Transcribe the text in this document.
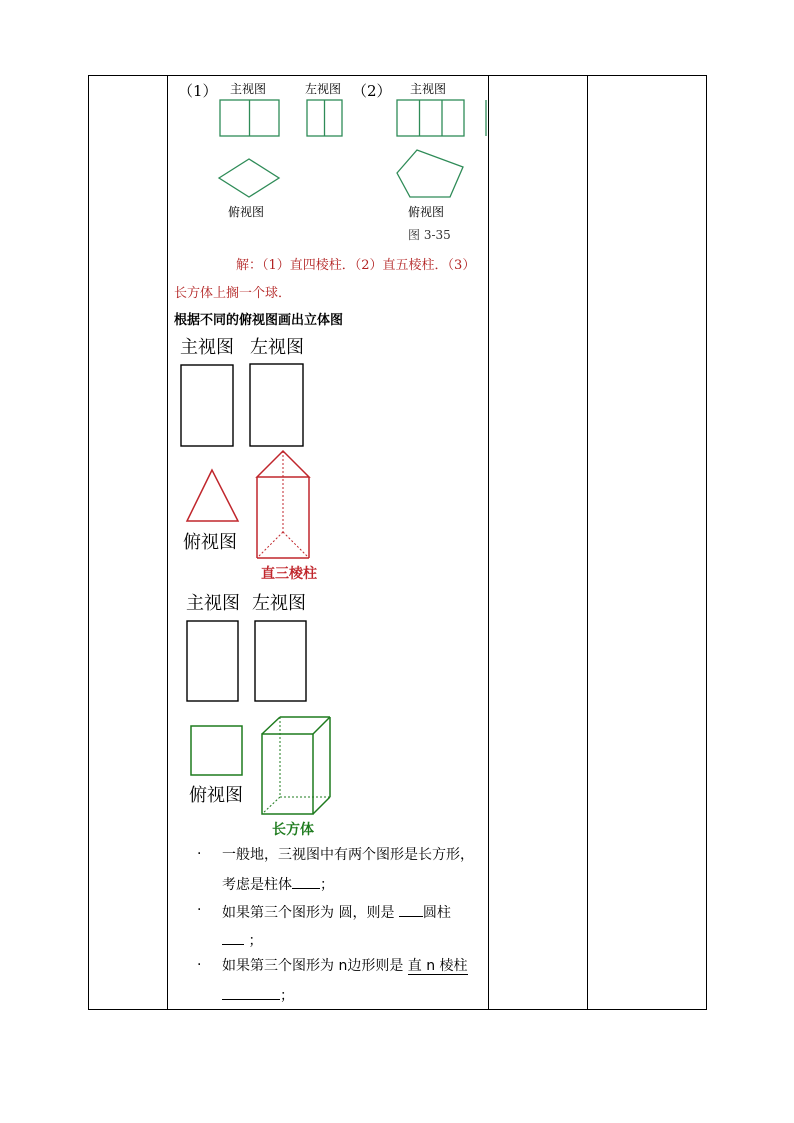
（1） 主视图	左视图 （2） 主视图
俯视图	俯视图
图 3-35
解：（1）直四棱柱．（2）直五棱柱．（3）
长方体上搁一个球．
根据不同的俯视图画出立体图
主视图 左视图
俯视图
直三棱柱
主视图 左视图
俯视图
长方体
· 一般地，三视图中有两个图形是长方形，
考虑是柱体 ；
· 如果第三个图形为 圆，则是 圆柱
；
· 如果第三个图形为 n边形则是 直 n 棱柱
；
